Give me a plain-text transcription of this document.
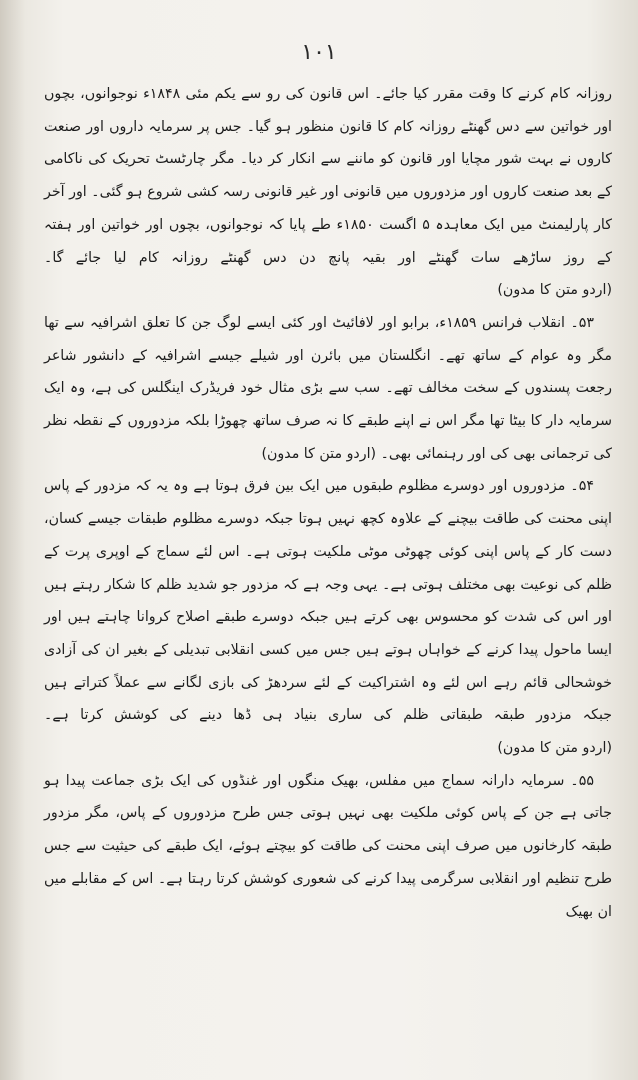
۱۰۱

روزانہ کام کرنے کا وقت مقرر کیا جائے۔ اس قانون کی رو سے یکم مئی ۱۸۴۸ء نوجوانوں، بچوں اور خواتین سے دس گھنٹے روزانہ کام کا قانون منظور ہو گیا۔ جس پر سرمایہ داروں اور صنعت کاروں نے بہت شور مچایا اور قانون کو ماننے سے انکار کر دیا۔ مگر چارٹسٹ تحریک کی ناکامی کے بعد صنعت کاروں اور مزدوروں میں قانونی اور غیر قانونی رسہ کشی شروع ہو گئی۔ اور آخر کار پارلیمنٹ میں ایک معاہدہ ۵ اگست ۱۸۵۰ء طے پایا کہ نوجوانوں، بچوں اور خواتین اور ہفتہ کے روز ساڑھے سات گھنٹے اور بقیہ پانچ دن دس گھنٹے روزانہ کام لیا جائے گا۔ (اردو متن کا مدون)

۵۳۔ انقلاب فرانس ۱۸۵۹ء، برابو اور لافائیٹ اور کئی ایسے لوگ جن کا تعلق اشرافیہ سے تھا مگر وہ عوام کے ساتھ تھے۔ انگلستان میں بائرن اور شیلے جیسے اشرافیہ کے دانشور شاعر رجعت پسندوں کے سخت مخالف تھے۔ سب سے بڑی مثال خود فریڈرک اینگلس کی ہے، وہ ایک سرمایہ دار کا بیٹا تھا مگر اس نے اپنے طبقے کا نہ صرف ساتھ چھوڑا بلکہ مزدوروں کے نقطہ نظر کی ترجمانی بھی کی اور رہنمائی بھی۔ (اردو متن کا مدون)

۵۴۔ مزدوروں اور دوسرے مظلوم طبقوں میں ایک بین فرق ہوتا ہے وہ یہ کہ مزدور کے پاس اپنی محنت کی طاقت بیچنے کے علاوہ کچھ نہیں ہوتا جبکہ دوسرے مظلوم طبقات جیسے کسان، دست کار کے پاس اپنی کوئی چھوٹی موٹی ملکیت ہوتی ہے۔ اس لئے سماج کے اوپری پرت کے ظلم کی نوعیت بھی مختلف ہوتی ہے۔ یہی وجہ ہے کہ مزدور جو شدید ظلم کا شکار رہتے ہیں اور اس کی شدت کو محسوس بھی کرتے ہیں جبکہ دوسرے طبقے اصلاح کروانا چاہتے ہیں اور ایسا ماحول پیدا کرنے کے خواہاں ہوتے ہیں جس میں کسی انقلابی تبدیلی کے بغیر ان کی آزادی خوشحالی قائم رہے اس لئے وہ اشتراکیت کے لئے سردھڑ کی بازی لگانے سے عملاً کتراتے ہیں جبکہ مزدور طبقہ طبقاتی ظلم کی ساری بنیاد ہی ڈھا دینے کی کوشش کرتا ہے۔ (اردو متن کا مدون)

۵۵۔ سرمایہ دارانہ سماج میں مفلس، بھیک منگوں اور غنڈوں کی ایک بڑی جماعت پیدا ہو جاتی ہے جن کے پاس کوئی ملکیت بھی نہیں ہوتی جس طرح مزدوروں کے پاس، مگر مزدور طبقہ کارخانوں میں صرف اپنی محنت کی طاقت کو بیچتے ہوئے، ایک طبقے کی حیثیت سے جس طرح تنظیم اور انقلابی سرگرمی پیدا کرنے کی شعوری کوشش کرتا رہتا ہے۔ اس کے مقابلے میں ان بھیک
